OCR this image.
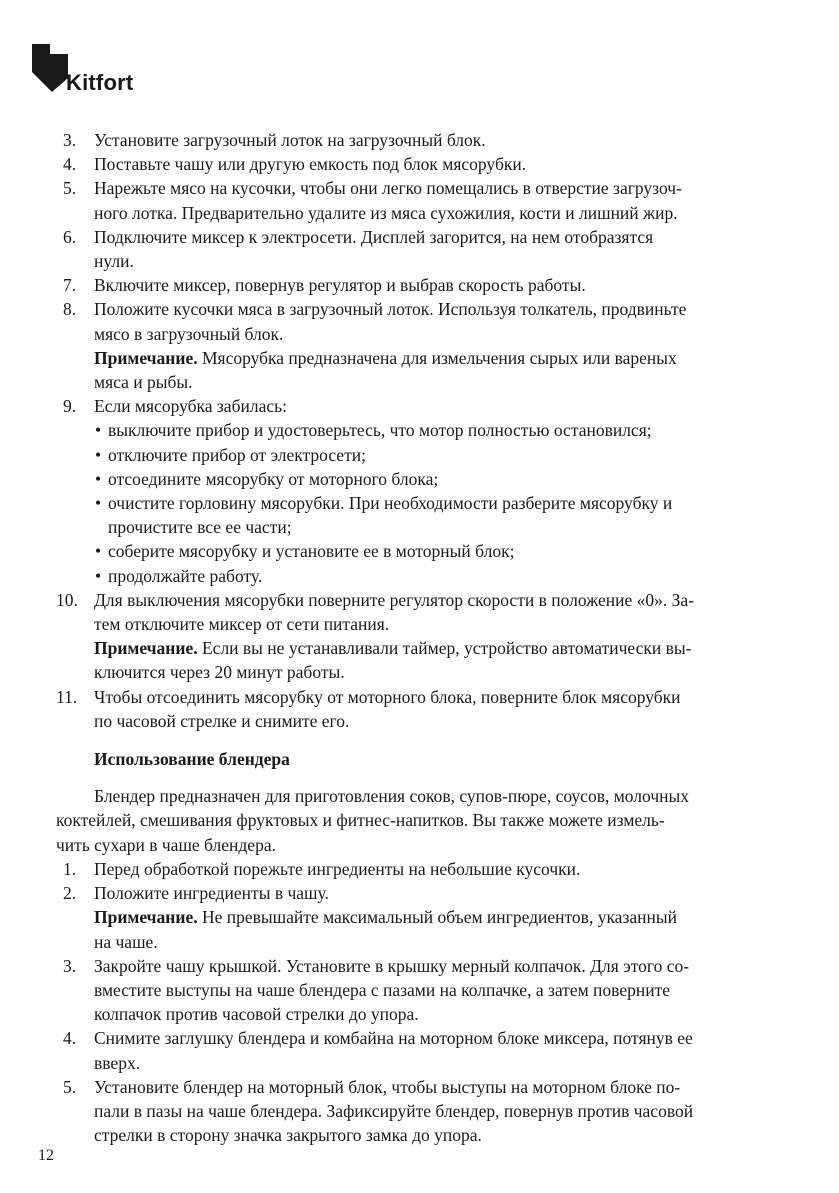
Kitfort
3. Установите загрузочный лоток на загрузочный блок.
4. Поставьте чашу или другую емкость под блок мясорубки.
5. Нарежьте мясо на кусочки, чтобы они легко помещались в отверстие загрузоч-
ного лотка. Предварительно удалите из мяса сухожилия, кости и лишний жир.
6. Подключите миксер к электросети. Дисплей загорится, на нем отобразятся
нули.
7. Включите миксер, повернув регулятор и выбрав скорость работы.
8. Положите кусочки мяса в загрузочный лоток. Используя толкатель, продвиньте
мясо в загрузочный блок.
Примечание. Мясорубка предназначена для измельчения сырых или вареных
мяса и рыбы.
9. Если мясорубка забилась:
• выключите прибор и удостоверьтесь, что мотор полностью остановился;
• отключите прибор от электросети;
• отсоедините мясорубку от моторного блока;
• очистите горловину мясорубки. При необходимости разберите мясорубку и
прочистите все ее части;
• соберите мясорубку и установите ее в моторный блок;
• продолжайте работу.
10. Для выключения мясорубки поверните регулятор скорости в положение «0». За-
тем отключите миксер от сети питания.
Примечание. Если вы не устанавливали таймер, устройство автоматически вы-
ключится через 20 минут работы.
11. Чтобы отсоединить мясорубку от моторного блока, поверните блок мясорубки
по часовой стрелке и снимите его.
Использование блендера
Блендер предназначен для приготовления соков, супов-пюре, соусов, молочных
коктейлей, смешивания фруктовых и фитнес-напитков. Вы также можете измель-
чить сухари в чаше блендера.
1. Перед обработкой порежьте ингредиенты на небольшие кусочки.
2. Положите ингредиенты в чашу.
Примечание. Не превышайте максимальный объем ингредиентов, указанный
на чаше.
3. Закройте чашу крышкой. Установите в крышку мерный колпачок. Для этого со-
вместите выступы на чаше блендера с пазами на колпачке, а затем поверните
колпачок против часовой стрелки до упора.
4. Снимите заглушку блендера и комбайна на моторном блоке миксера, потянув ее
вверх.
5. Установите блендер на моторный блок, чтобы выступы на моторном блоке по-
пали в пазы на чаше блендера. Зафиксируйте блендер, повернув против часовой
стрелки в сторону значка закрытого замка до упора.
12
